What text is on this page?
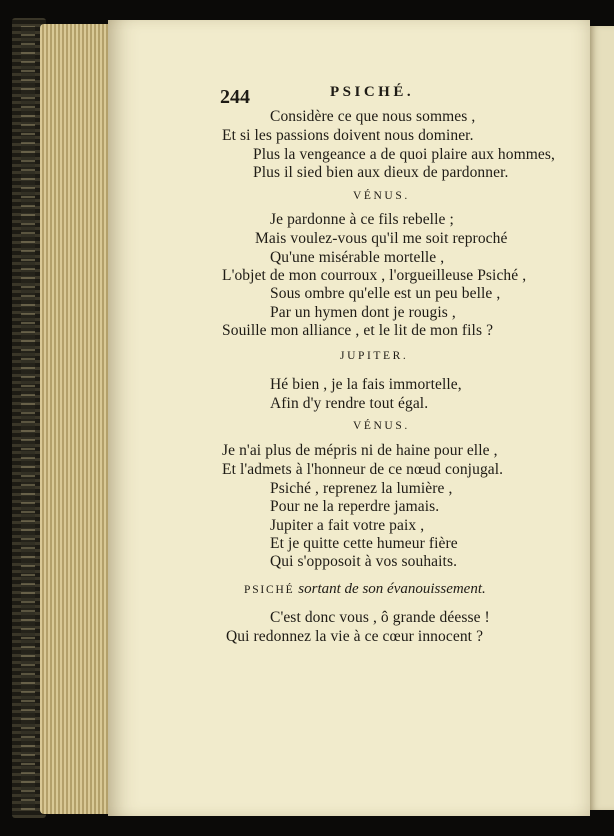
244	PSICHÉ.
Considère ce que nous sommes ,
Et si les passions doivent nous dominer.
Plus la vengeance a de quoi plaire aux hommes,
Plus il sied bien aux dieux de pardonner.
VÉNUS.
Je pardonne à ce fils rebelle ;
Mais voulez-vous qu'il me soit reproché
Qu'une misérable mortelle ,
L'objet de mon courroux , l'orgueilleuse Psiché ,
Sous ombre qu'elle est un peu belle ,
Par un hymen dont je rougis ,
Souille mon alliance , et le lit de mon fils ?
JUPITER.
Hé bien , je la fais immortelle,
Afin d'y rendre tout égal.
VÉNUS.
Je n'ai plus de mépris ni de haine pour elle ,
Et l'admets à l'honneur de ce nœud conjugal.
Psiché , reprenez la lumière ,
Pour ne la reperdre jamais.
Jupiter a fait votre paix ,
Et je quitte cette humeur fière
Qui s'opposoit à vos souhaits.
PSICHÉ sortant de son évanouissement.
C'est donc vous , ô grande déesse !
Qui redonnez la vie à ce cœur innocent ?
